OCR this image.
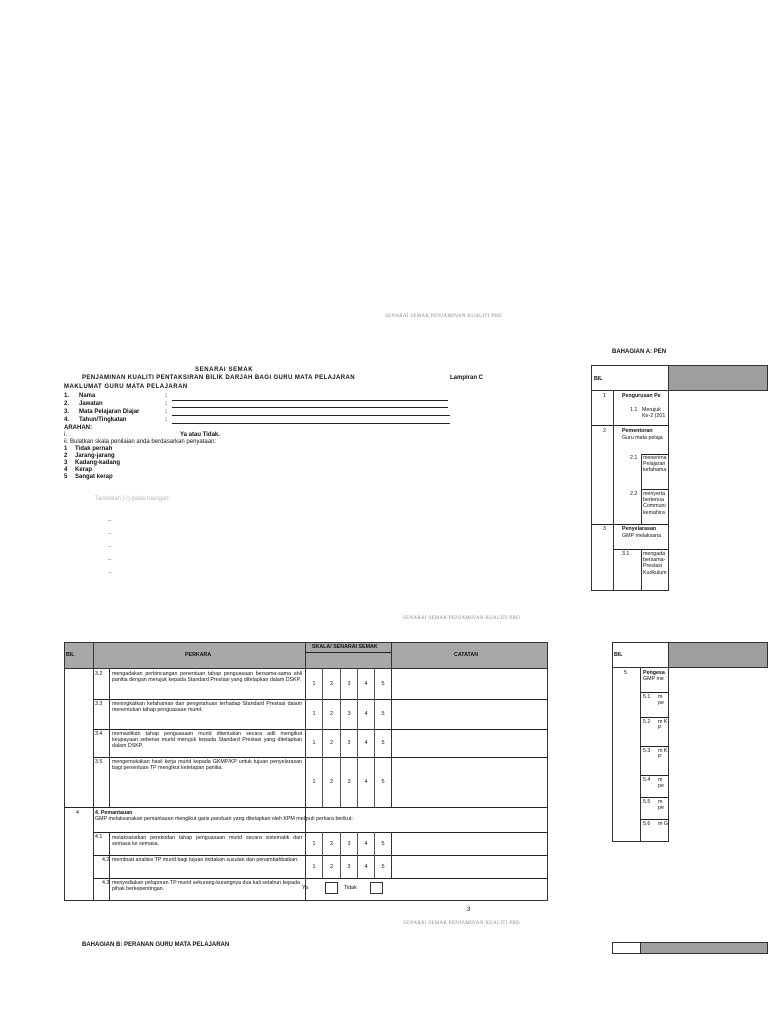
SENARAI SEMAK PENJAMINAN KUALITI PBD
SENARAI SEMAK
PENJAMINAN KUALITI PENTAKSIRAN BILIK DARJAH BAGI GURU MATA PELAJARAN	Lampiran C
MAKLUMAT GURU MATA PELAJARAN
1. Nama	:
2. Jawatan	:
3. Mata Pelajaran Diajar	:
4. Tahun/Tingkatan	:
ARAHAN:
i.	Ya atau Tidak.
ii. Bulatkan skala penilaian anda berdasarkan penyataan:
1 Tidak pernah
2 Jarang-jarang
3 Kadang-kadang
4 Kerap
5 Sangat kerap
Tandakan (√) pada ruangan
–
–
–
–
–
BAHAGIAN A: PEN
BIL
1	Pengurusan Pe
1.1 Merujuk Ke-2 (201
2	Pementoran
Guru mata pelaja
2.1 menerima Pelajaran kefahama
2.2 menyerta bertenua Communi kemahira
3	Penyelarasan
GMP melaksana
3.1	mengada bersama- Prestasi Kurikulum
SENARAI SEMAK PENJAMINAN KUALITI PBD
BIL	PERKARA
SKALA/ SENARAI SEMAK
CATATAN
3.2 mengadakan perbincangan penentuan tahap penguasaan bersama-sama ahli panitia dengan merujuk kepada Standard Prestasi yang ditetapkan dalam DSKP.
1	2	3	4	5
3.3 meningkatkan kefahaman dan pengetahuan terhadap Standard Prestasi dalam menentukan tahap penguasaan murid.
1	2	3	4	5
3.4 memastikan tahap penguasaan murid ditentukan secara adil mengikut keupayaan sebenar murid merujuk kepada Standard Prestasi yang ditetapkan dalam DSKP.
1	2	3	4	5
3.5 mengemukakan hasil kerja murid kepada GKMP/KP untuk tujuan penyelarasan bagi penentuan TP mengikut ketetapan panitia.
1	2	3	4	5
4	4. Pemantauan
GMP melaksanakan pemantauan mengikut garis panduan yang ditetapkan oleh KPM meliputi perkara berikut:
4.1 melaksanakan perekodan tahap penguasaan murid secara sistematik dari semasa ke semasa.	1	2	3	4	5
4.2 membuat analisis TP murid bagi tujuan tindakan susulan dan penambahbaikan.
1	2	3	4	5
4.3 menyediakan pelaporan TP murid sekurang-kurangnya dua kali setahun kepada pihak berkepentingan.	Ya	Tidak
3
SENARAI SEMAK PENJAMINAN KUALITI PBD
BAHAGIAN B: PERANAN GURU MATA PELAJARAN
BIL
5	Pengesa
GMP me
5.1 m pe
5.2 m K P
5.3 m K P
5.4 m pe
5.5 m pe
5.6 m G
